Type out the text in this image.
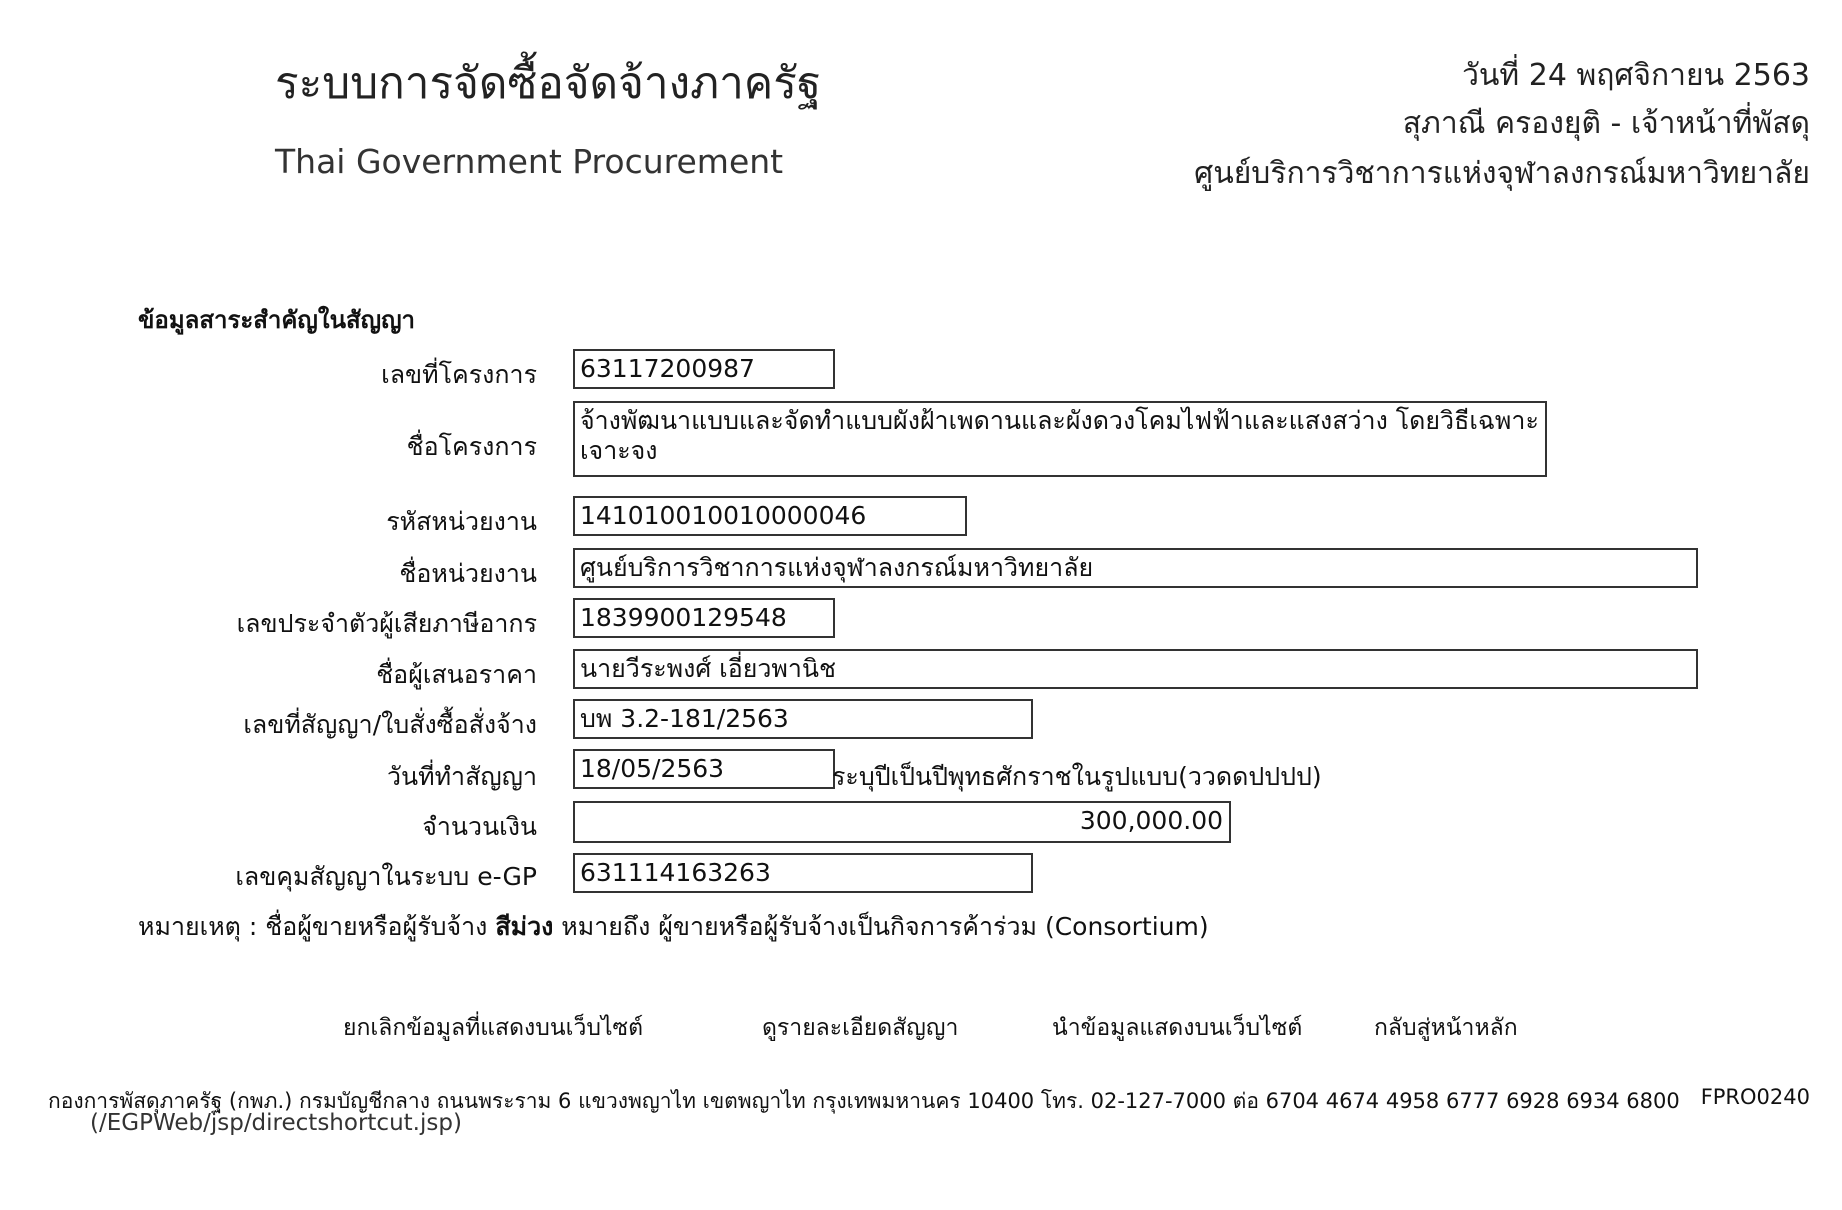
ระบบการจัดซื้อจัดจ้างภาครัฐ
Thai Government Procurement
วันที่ 24 พฤศจิกายน 2563
สุภาณี ครองยุติ - เจ้าหน้าที่พัสดุ
ศูนย์บริการวิชาการแห่งจุฬาลงกรณ์มหาวิทยาลัย
ข้อมูลสาระสำคัญในสัญญา
เลขที่โครงการ 63117200987
ชื่อโครงการ
จ้างพัฒนาแบบและจัดทำแบบผังฝ้าเพดานและผังดวงโคมไฟฟ้าและแสงสว่าง โดยวิธีเฉพาะเจาะจง
รหัสหน่วยงาน 141010010010000046
ชื่อหน่วยงาน ศูนย์บริการวิชาการแห่งจุฬาลงกรณ์มหาวิทยาลัย
เลขประจำตัวผู้เสียภาษีอากร 1839900129548
ชื่อผู้เสนอราคา นายวีระพงศ์ เอี่ยวพานิช
เลขที่สัญญา/ใบสั่งซื้อสั่งจ้าง บพ 3.2-181/2563
วันที่ทำสัญญา 18/05/2563	ระบุปีเป็นปีพุทธศักราชในรูปแบบ(วว​ดดปปปป)
จำนวนเงิน	300,000.00
เลขคุมสัญญาในระบบ e-GP 631114163263
หมายเหตุ : ชื่อผู้ขายหรือผู้รับจ้าง สีม่วง หมายถึง ผู้ขายหรือผู้รับจ้างเป็นกิจการค้าร่วม (Consortium)
ยกเลิกข้อมูลที่แสดงบนเว็บไซต์	ดูรายละเอียดสัญญา	นำข้อมูลแสดงบนเว็บไซต์	กลับสู่หน้าหลัก
กองการพัสดุภาครัฐ (กพภ.) กรมบัญชีกลาง ถนนพระราม 6 แขวงพญาไท เขตพญาไท กรุงเทพมหานคร 10400 โทร. 02-127-7000 ต่อ 6704 4674 4958 6777 6928 6934 6800 FPRO0240
(/EGPWeb/jsp/directshortcut.jsp)
